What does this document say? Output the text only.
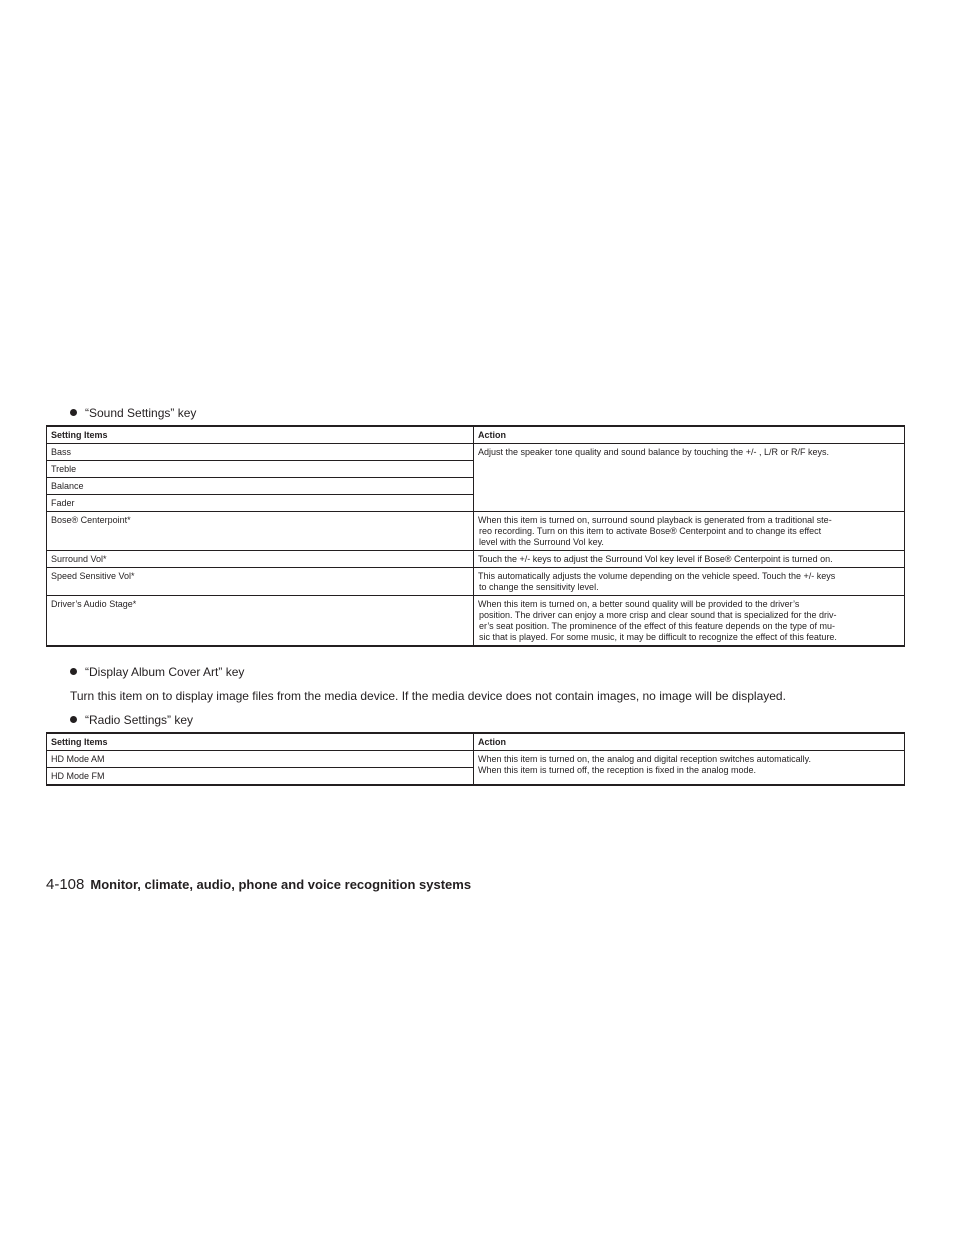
“Sound Settings” key
Setting Items	Action
Bass	Adjust the speaker tone quality and sound balance by touching the +/- , L/R or R/F keys.

Treble	
Balance	
Fader	
Bose® Centerpoint*	When this item is turned on, surround sound playback is generated from a traditional ste-
reo recording. Turn on this item to activate Bose® Centerpoint and to change its effect
level with the Surround Vol key.

Surround Vol*	Touch the +/- keys to adjust the Surround Vol key level if Bose® Centerpoint is turned on.

Speed Sensitive Vol*	This automatically adjusts the volume depending on the vehicle speed. Touch the +/- keys
to change the sensitivity level.

Driver’s Audio Stage*	When this item is turned on, a better sound quality will be provided to the driver’s
position. The driver can enjoy a more crisp and clear sound that is specialized for the driv-
er’s seat position. The prominence of the effect of this feature depends on the type of mu-
sic that is played. For some music, it may be difficult to recognize the effect of this feature.
“Display Album Cover Art” key
Turn this item on to display image files from the media device. If the media device does not contain images, no image will be displayed.
“Radio Settings” key
Setting Items	Action
HD Mode AM	When this item is turned on, the analog and digital reception switches automatically.
When this item is turned off, the reception is fixed in the analog mode.

HD Mode FM	
4-108 Monitor, climate, audio, phone and voice recognition systems
